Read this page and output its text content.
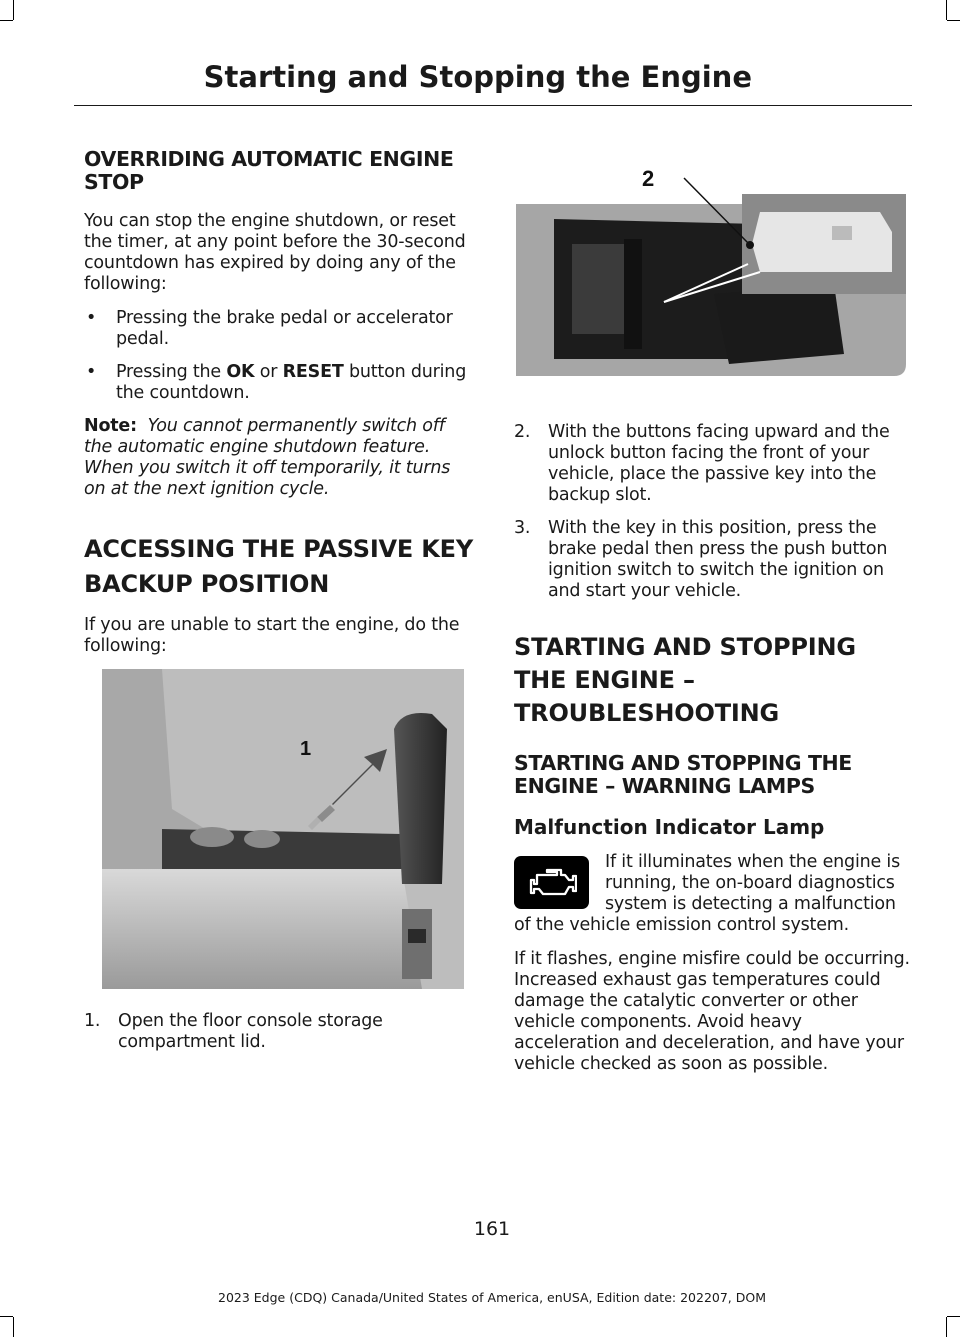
Starting and Stopping the Engine
OVERRIDING AUTOMATIC ENGINE STOP

You can stop the engine shutdown, or reset the timer, at any point before the 30-second countdown has expired by doing any of the following:

• Pressing the brake pedal or accelerator pedal.
• Pressing the OK or RESET button during the countdown.

Note: You cannot permanently switch off the automatic engine shutdown feature. When you switch it off temporarily, it turns on at the next ignition cycle.

ACCESSING THE PASSIVE KEY
BACKUP POSITION

If you are unable to start the engine, do the following:

1
1. Open the floor console storage compartment lid.
2
2. With the buttons facing upward and the unlock button facing the front of your vehicle, place the passive key into the backup slot.
3. With the key in this position, press the brake pedal then press the push button ignition switch to switch the ignition on and start your vehicle.
STARTING AND STOPPING
THE ENGINE –
TROUBLESHOOTING
STARTING AND STOPPING THE ENGINE – WARNING LAMPS
Malfunction Indicator Lamp

If it illuminates when the engine is running, the on-board diagnostics system is detecting a malfunction of the vehicle emission control system.

If it flashes, engine misfire could be occurring. Increased exhaust gas temperatures could damage the catalytic converter or other vehicle components. Avoid heavy acceleration and deceleration, and have your vehicle checked as soon as possible.

161
2023 Edge (CDQ) Canada/United States of America, enUSA, Edition date: 202207, DOM
